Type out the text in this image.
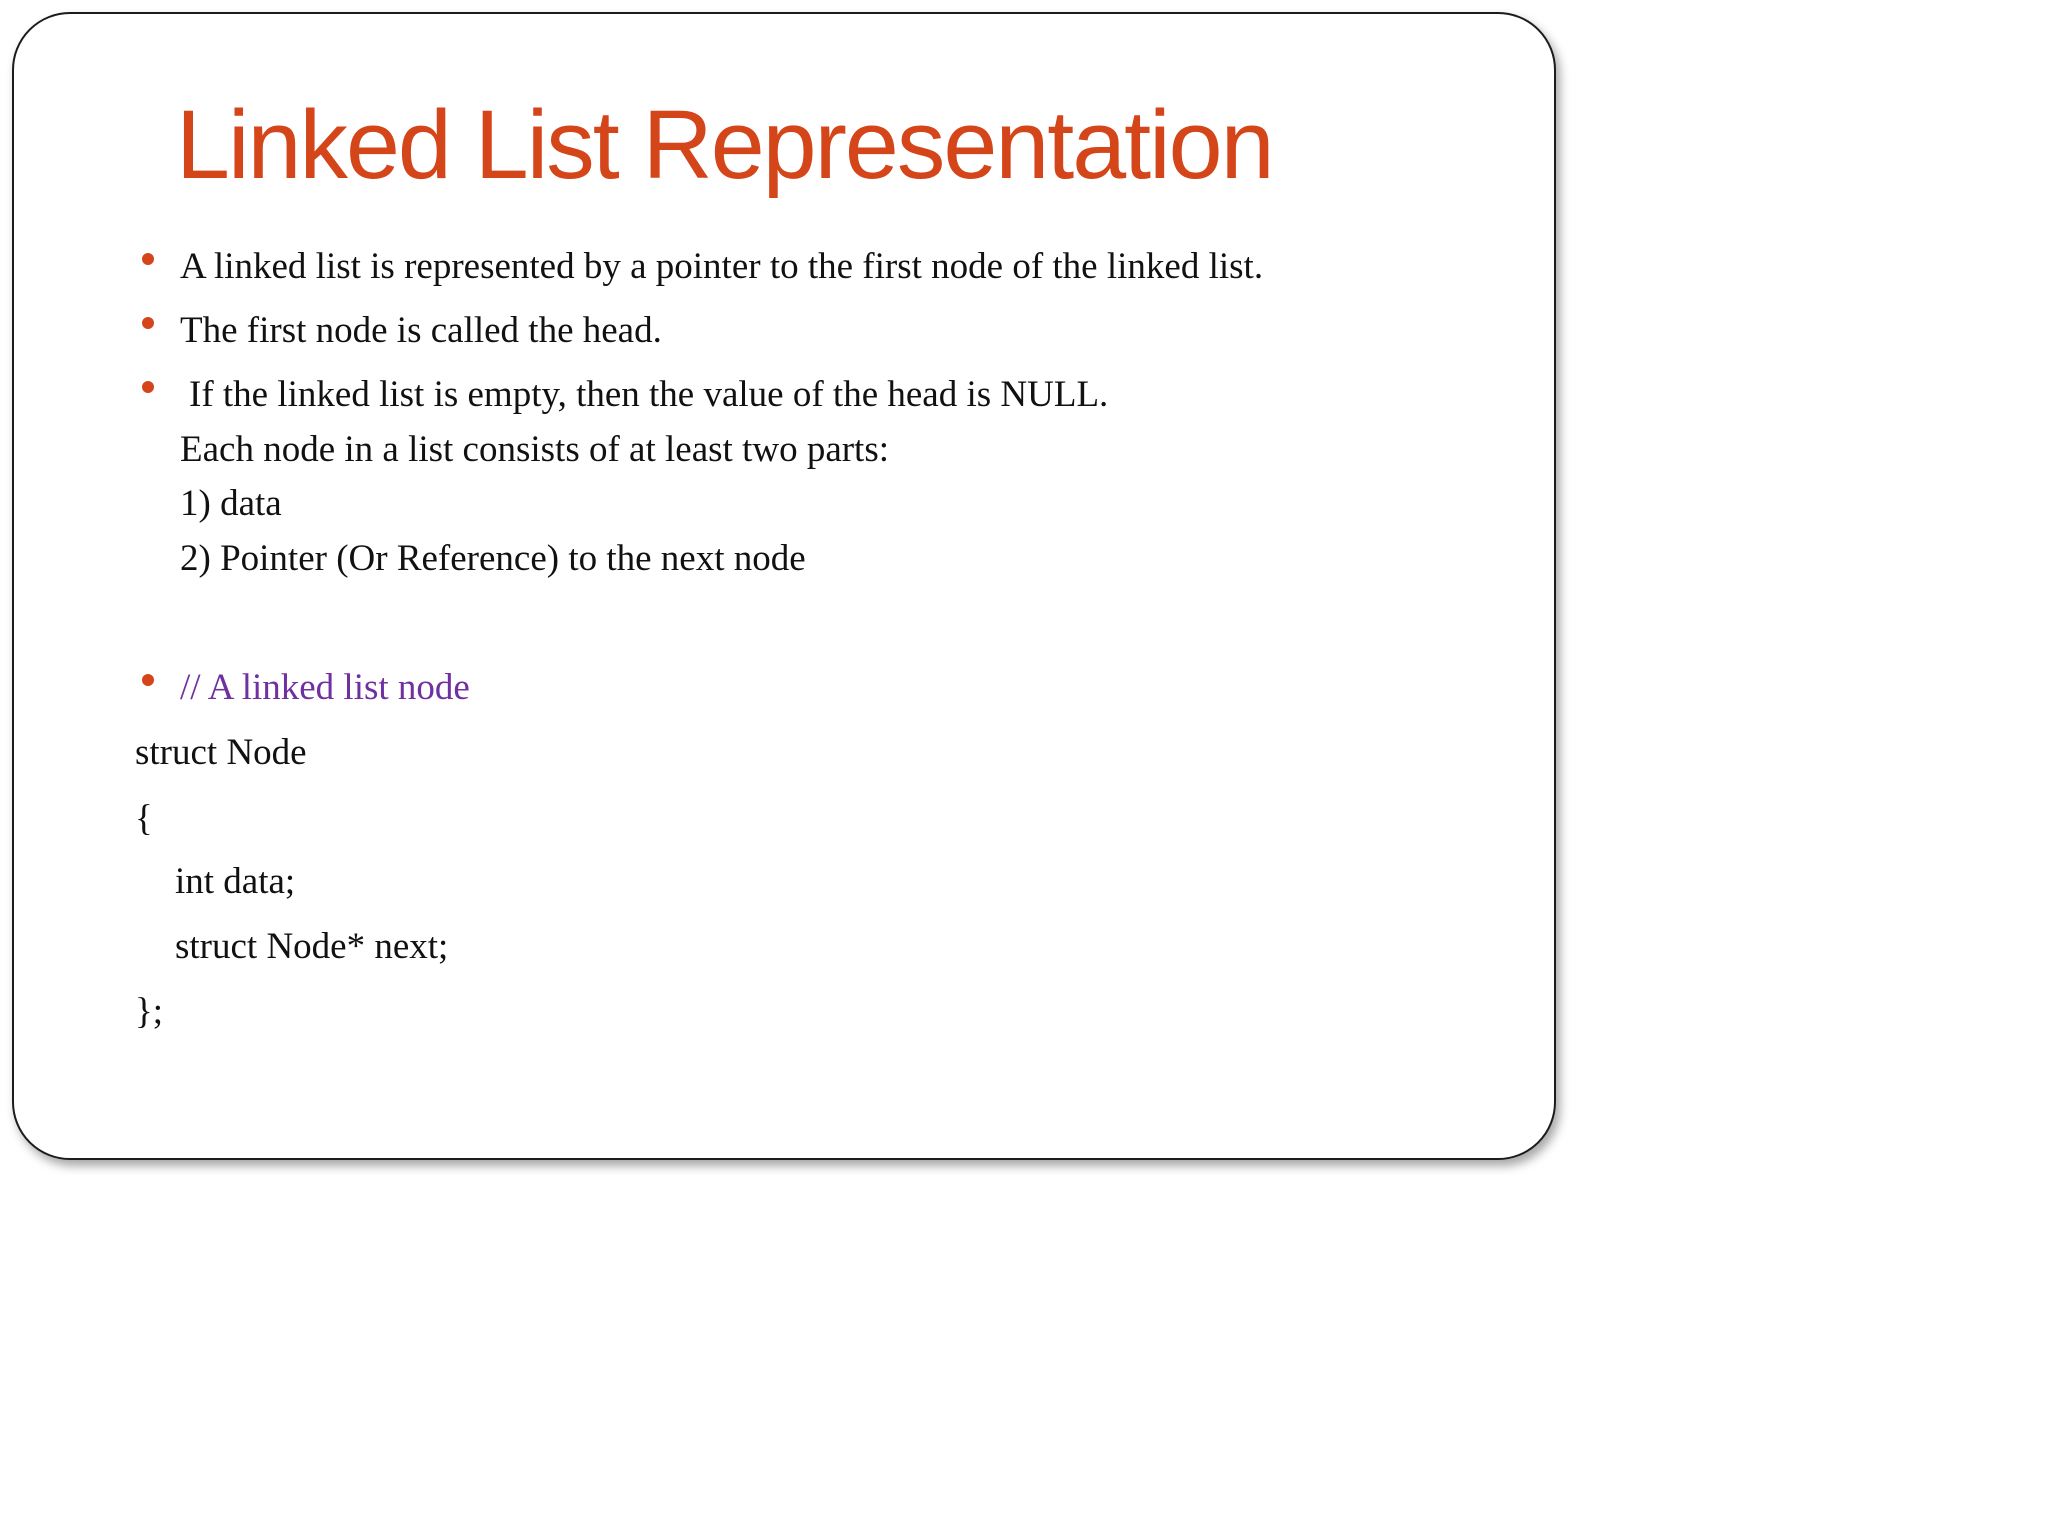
Linked List Representation
A linked list is represented by a pointer to the first node of the linked list.
The first node is called the head.
If the linked list is empty, then the value of the head is NULL.
Each node in a list consists of at least two parts:
1) data
2) Pointer (Or Reference) to the next node
// A linked list node
struct Node
{
int data;
struct Node* next;
};
